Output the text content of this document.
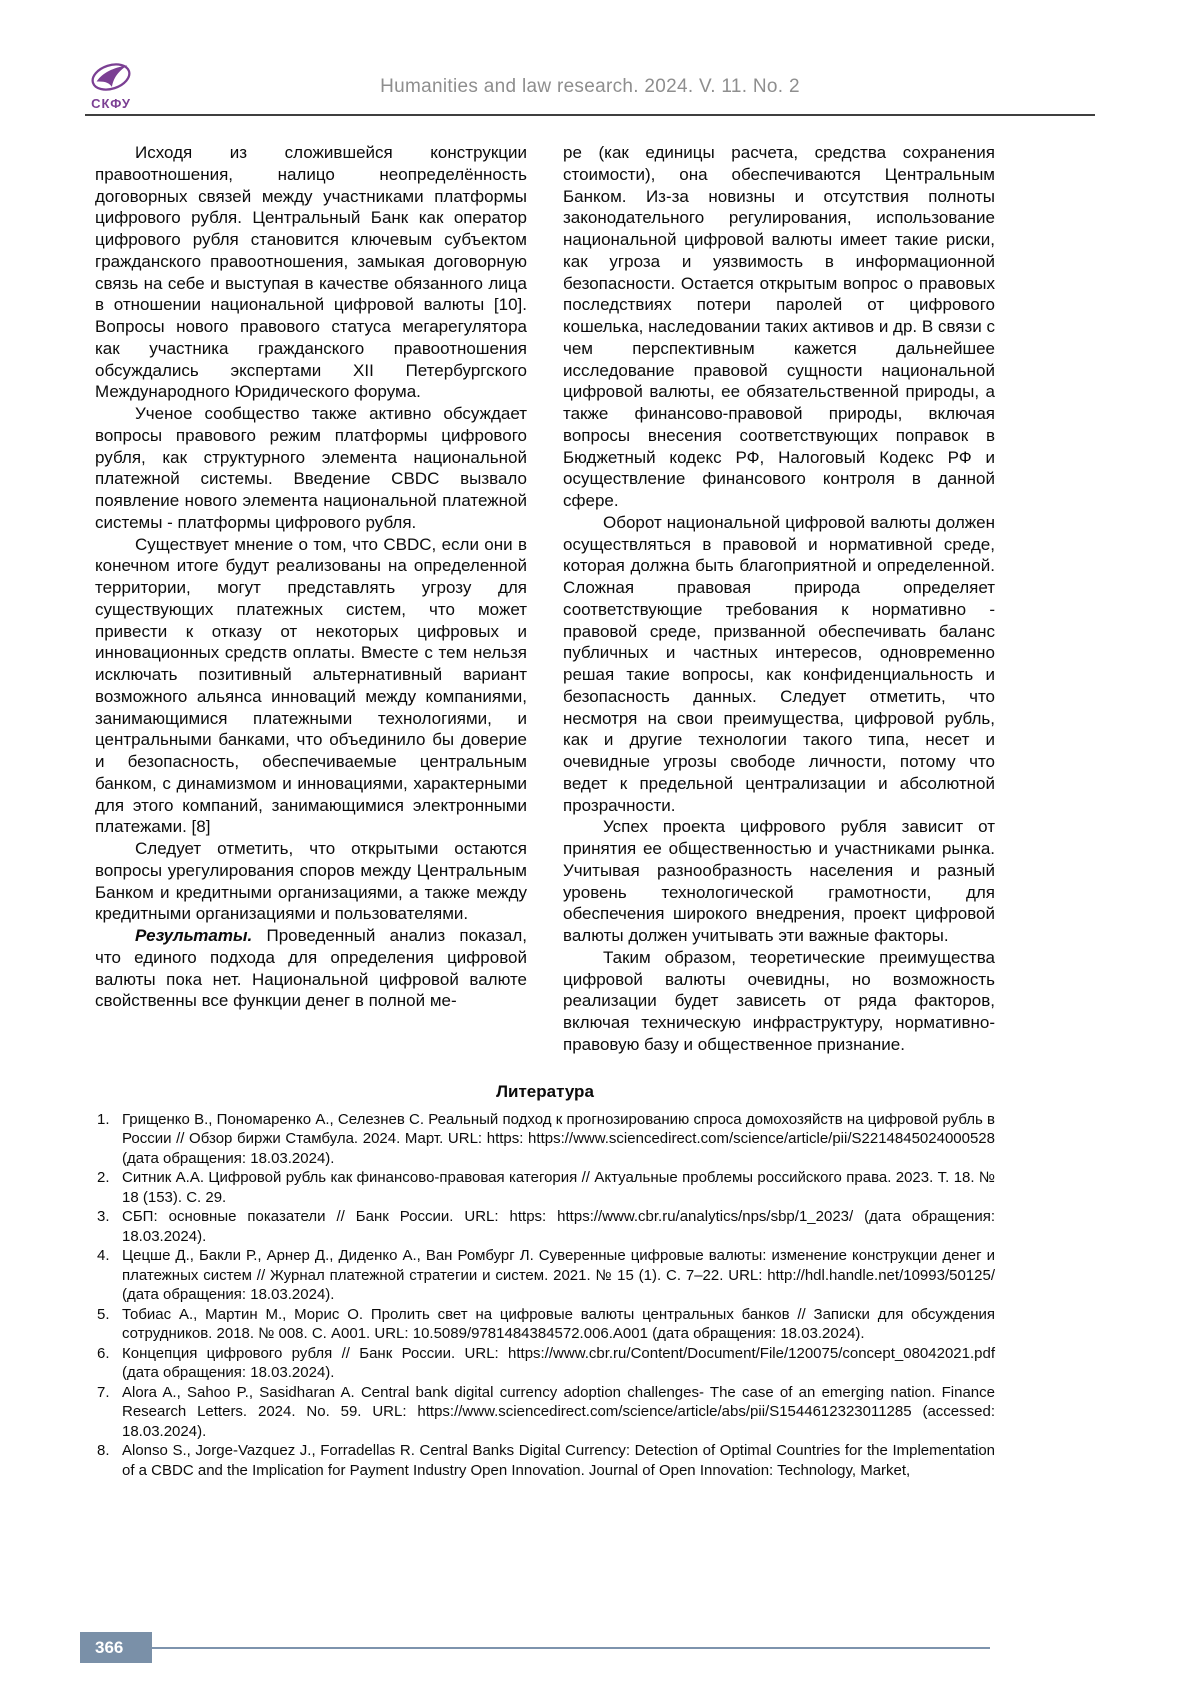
СКФУ
Humanities and law research. 2024. V. 11. No. 2

Исходя из сложившейся конструкции правоотношения, налицо неопределённость договорных связей между участниками платформы цифрового рубля. Центральный Банк как оператор цифрового рубля становится ключевым субъектом гражданского правоотношения, замыкая договорную связь на себе и выступая в качестве обязанного лица в отношении национальной цифровой валюты [10]. Вопросы нового правового статуса мегарегулятора как участника гражданского правоотношения обсуждались экспертами XII Петербургского Международного Юридического форума.

Ученое сообщество также активно обсуждает вопросы правового режим платформы цифрового рубля, как структурного элемента национальной платежной системы. Введение CBDC вызвало появление нового элемента национальной платежной системы - платформы цифрового рубля.

Существует мнение о том, что CBDC, если они в конечном итоге будут реализованы на определенной территории, могут представлять угрозу для существующих платежных систем, что может привести к отказу от некоторых цифровых и инновационных средств оплаты. Вместе с тем нельзя исключать позитивный альтернативный вариант возможного альянса инноваций между компаниями, занимающимися платежными технологиями, и центральными банками, что объединило бы доверие и безопасность, обеспечиваемые центральным банком, с динамизмом и инновациями, характерными для этого компаний, занимающимися электронными платежами. [8]

Следует отметить, что открытыми остаются вопросы урегулирования споров между Центральным Банком и кредитными организациями, а также между кредитными организациями и пользователями.

Результаты. Проведенный анализ показал, что единого подхода для определения цифровой валюты пока нет. Национальной цифровой валюте свойственны все функции денег в полной ме-

ре (как единицы расчета, средства сохранения стоимости), она обеспечиваются Центральным Банком. Из-за новизны и отсутствия полноты законодательного регулирования, использование национальной цифровой валюты имеет такие риски, как угроза и уязвимость в информационной безопасности. Остается открытым вопрос о правовых последствиях потери паролей от цифрового кошелька, наследовании таких активов и др. В связи с чем перспективным кажется дальнейшее исследование правовой сущности национальной цифровой валюты, ее обязательственной природы, а также финансово-правовой природы, включая вопросы внесения соответствующих поправок в Бюджетный кодекс РФ, Налоговый Кодекс РФ и осуществление финансового контроля в данной сфере.

Оборот национальной цифровой валюты должен осуществляться в правовой и нормативной среде, которая должна быть благоприятной и определенной. Сложная правовая природа определяет соответствующие требования к нормативно - правовой среде, призванной обеспечивать баланс публичных и частных интересов, одновременно решая такие вопросы, как конфиденциальность и безопасность данных. Следует отметить, что несмотря на свои преимущества, цифровой рубль, как и другие технологии такого типа, несет и очевидные угрозы свободе личности, потому что ведет к предельной централизации и абсолютной прозрачности.

Успех проекта цифрового рубля зависит от принятия ее общественностью и участниками рынка. Учитывая разнообразность населения и разный уровень технологической грамотности, для обеспечения широкого внедрения, проект цифровой валюты должен учитывать эти важные факторы.

Таким образом, теоретические преимущества цифровой валюты очевидны, но возможность реализации будет зависеть от ряда факторов, включая техническую инфраструктуру, нормативно-правовую базу и общественное признание.

Литература
Грищенко В., Пономаренко А., Селезнев С. Реальный подход к прогнозированию спроса домохозяйств на цифровой рубль в России // Обзор биржи Стамбула. 2024. Март. URL: https: https://www.sciencedirect.com/science/article/pii/S2214845024000528 (дата обращения: 18.03.2024).
Ситник А.А. Цифровой рубль как финансово-правовая категория // Актуальные проблемы российского права. 2023. Т. 18. № 18 (153). С. 29.
СБП: основные показатели // Банк России. URL: https: https://www.cbr.ru/analytics/nps/sbp/1_2023/ (дата обращения: 18.03.2024).
Цецше Д., Бакли Р., Арнер Д., Диденко А., Ван Ромбург Л. Суверенные цифровые валюты: изменение конструкции денег и платежных систем // Журнал платежной стратегии и систем. 2021. № 15 (1). С. 7–22. URL: http://hdl.handle.net/10993/50125/ (дата обращения: 18.03.2024).
Тобиас А., Мартин М., Морис О. Пролить свет на цифровые валюты центральных банков // Записки для обсуждения сотрудников. 2018. № 008. С. A001. URL: 10.5089/9781484384572.006.A001 (дата обращения: 18.03.2024).
Концепция цифрового рубля // Банк России. URL: https://www.cbr.ru/Content/Document/File/120075/concept_08042021.pdf (дата обращения: 18.03.2024).
Alora A., Sahoo P., Sasidharan A. Central bank digital currency adoption challenges- The case of an emerging nation. Finance Research Letters. 2024. No. 59. URL: https://www.sciencedirect.com/science/article/abs/pii/S1544612323011285 (accessed: 18.03.2024).
Alonso S., Jorge-Vazquez J., Forradellas R. Central Banks Digital Currency: Detection of Optimal Countries for the Implementation of a CBDC and the Implication for Payment Industry Open Innovation. Journal of Open Innovation: Technology, Market,
366
